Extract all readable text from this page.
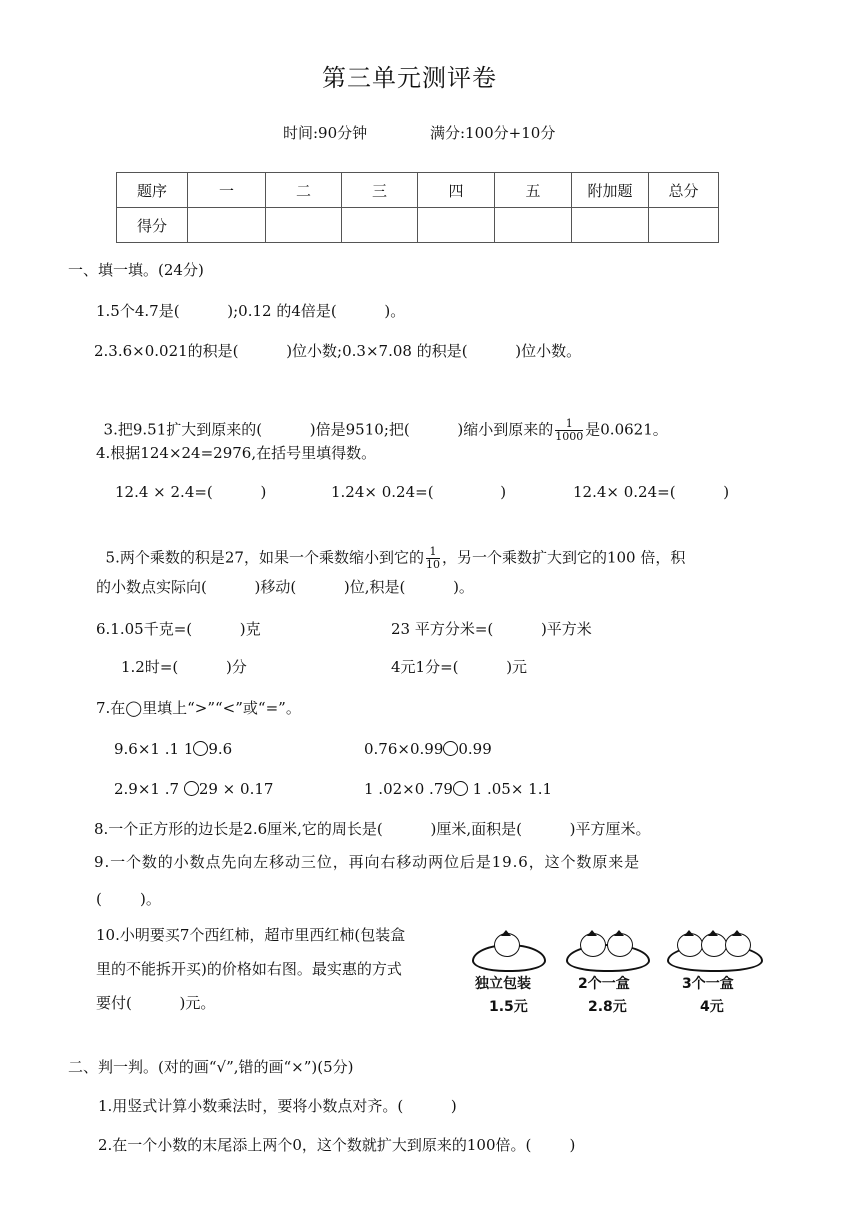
第三单元测评卷
时间:90分钟	满分:100分+10分
题序	一	二	三	四	五	附加题	总分
得分							
一、填一填。(24分)
1.5个4.7是(          );0.12 的4倍是(          )。
2.3.6×0.021的积是(          )位小数;0.3×7.08 的积是(          )位小数。

3.把9.51扩大到原来的(          )倍是9510;把(          )缩小到原来的 $\frac{1}{1000}$ 是0.0621。

4.根据124×24=2976,在括号里填得数。
12.4 × 2.4=(          )	1.24× 0.24=(              )	12.4× 0.24=(          )

5.两个乘数的积是27，如果一个乘数缩小到它的 $\frac{1}{10}$ ，另一个乘数扩大到它的100 倍，积

的小数点实际向(          )移动(          )位,积是(          )。
6.1.05千克=(          )克	23 平方分米=(          )平方米
1.2时=(          )分	4元1分=(          )元
7.在◯里填上“>”“<”或“=”。
9.6×1 .1 1 9.6	0.76×0.99 0.99
2.9×1 .7 29 × 0.17	1 .02×0 .79 1 .05× 1.1
8.一个正方形的边长是2.6厘米,它的周长是(          )厘米,面积是(          )平方厘米。
9.一个数的小数点先向左移动三位，再向右移动两位后是19.6，这个数原来是
(        )。
10.小明要买7个西红柿，超市里西红柿(包装盒
里的不能拆开买)的价格如右图。最实惠的方式
要付(          )元。
独立包装
1.5元
2个一盒
2.8元
3个一盒
4元
二、判一判。(对的画“√”,错的画“×”)(5分)
1.用竖式计算小数乘法时，要将小数点对齐。(          )
2.在一个小数的末尾添上两个0，这个数就扩大到原来的100倍。(        )
